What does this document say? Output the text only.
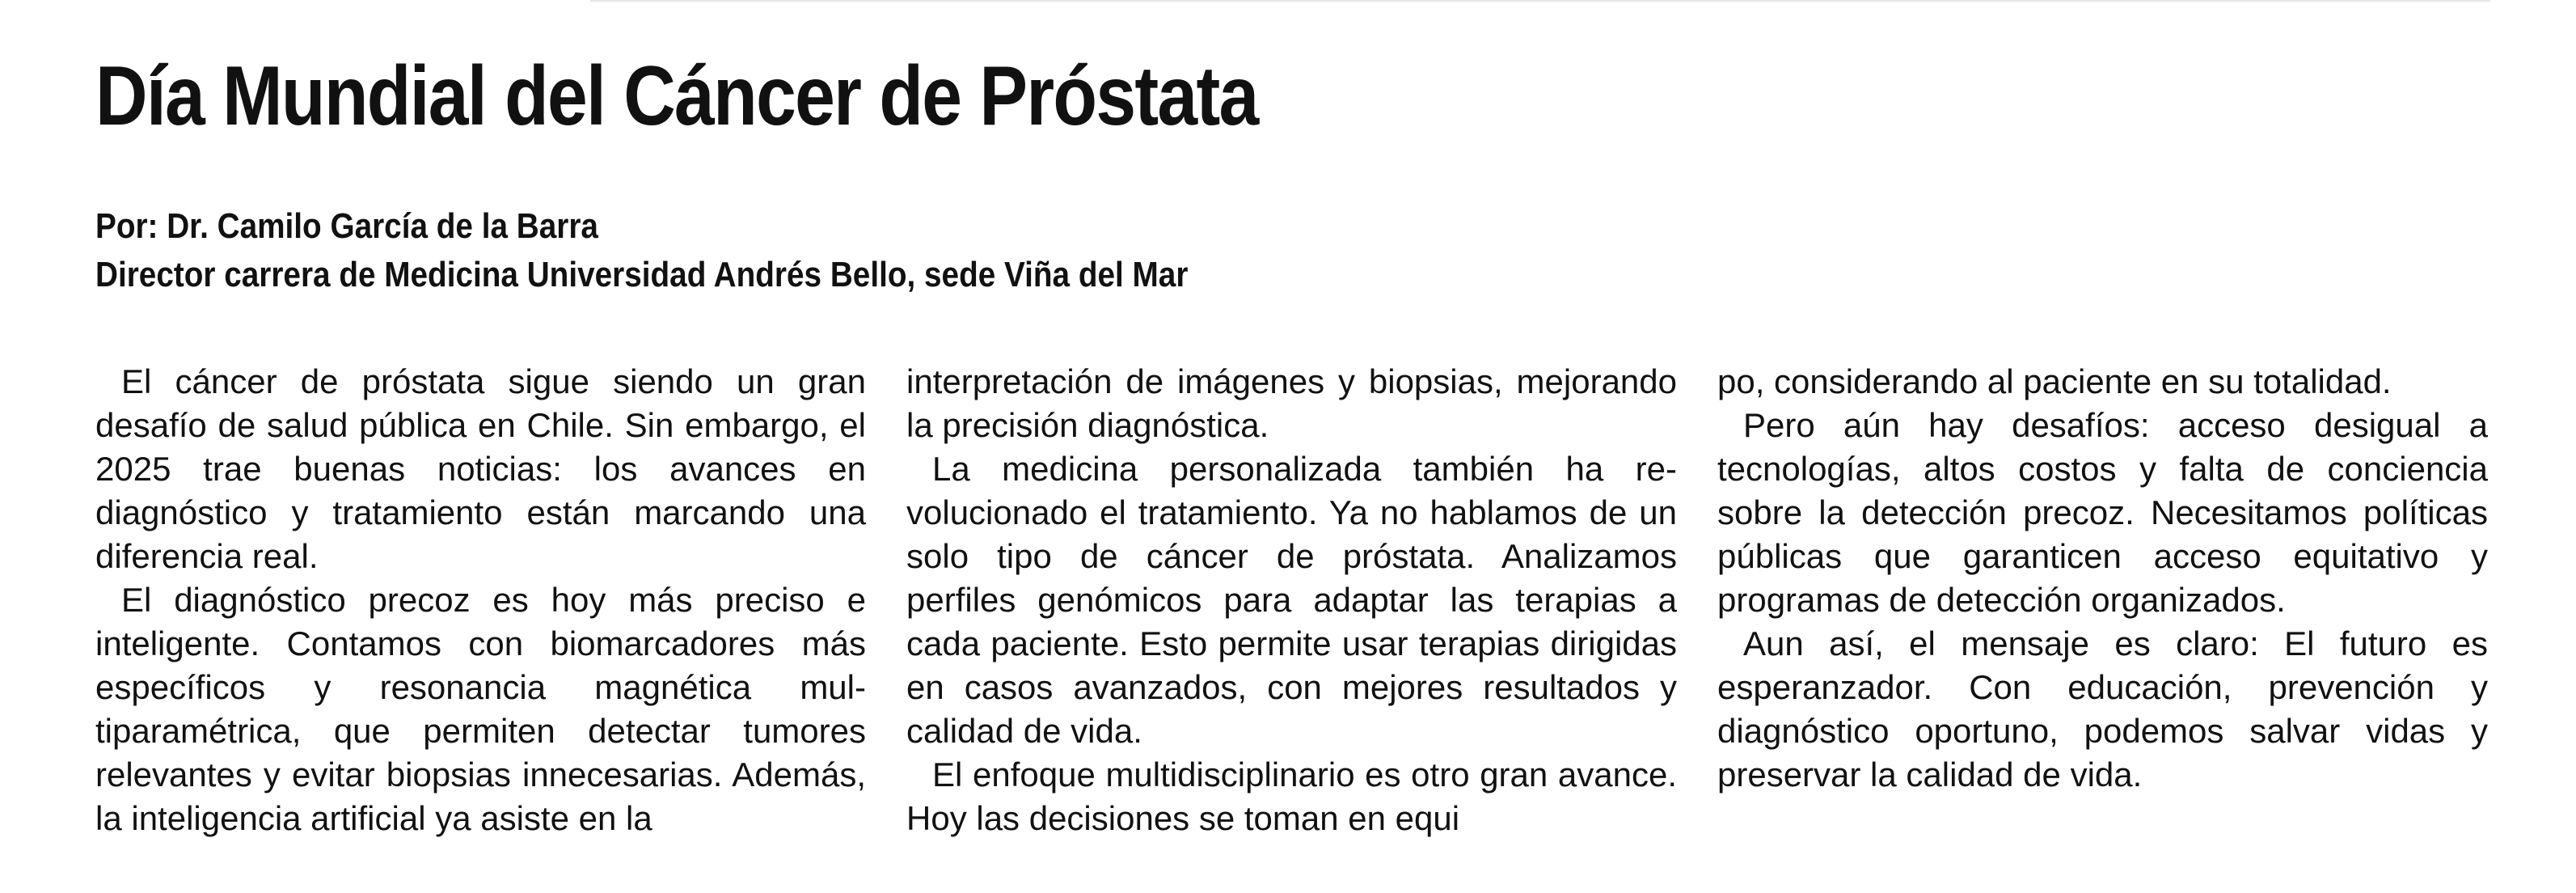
Día Mundial del Cáncer de Próstata
Por: Dr. Camilo García de la Barra
Director carrera de Medicina Universidad Andrés Bello, sede Viña del Mar

El cáncer de próstata sigue siendo un gran desafío de salud pública en Chile. Sin embargo, el 2025 trae buenas noticias: los avances en diagnóstico y tratamiento están marcando una diferencia real.

El diagnóstico precoz es hoy más preciso e inteligente. Contamos con biomarcadores más específicos y resonancia magnética multiparamétrica, que permiten detectar tumores relevantes y evitar biopsias innecesarias. Además, la inteligencia artificial ya asiste en la

interpretación de imágenes y biopsias, mejorando la precisión diagnóstica.

La medicina personalizada también ha revolucionado el tratamiento. Ya no hablamos de un solo tipo de cáncer de próstata. Analizamos perfiles genómicos para adaptar las terapias a cada paciente. Esto permite usar terapias dirigidas en casos avanzados, con mejores resultados y calidad de vida.

El enfoque multidisciplinario es otro gran avance. Hoy las decisiones se toman en equi

po, considerando al paciente en su totalidad.

Pero aún hay desafíos: acceso desigual a tecnologías, altos costos y falta de conciencia sobre la detección precoz. Necesitamos políticas públicas que garanticen acceso equitativo y programas de detección organizados.

Aun así, el mensaje es claro: El futuro es esperanzador. Con educación, prevención y diagnóstico oportuno, podemos salvar vidas y preservar la calidad de vida.
